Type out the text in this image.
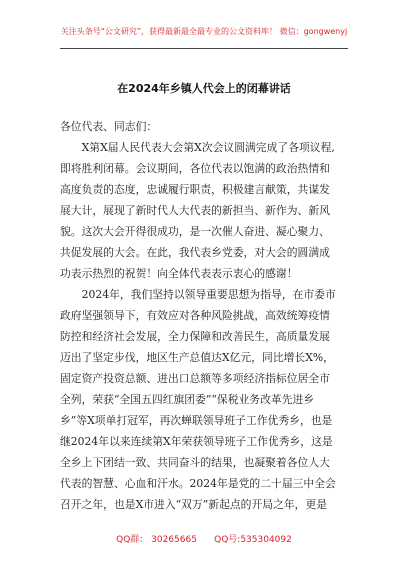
关注头条号“公文研究”，获得最新最全最专业的公文资料库！ 微信：gongwenyj
在2024年乡镇人代会上的闭幕讲话
各位代表、同志们：
　　X第X届人民代表大会第X次会议圆满完成了各项议程,
即将胜利闭幕。会议期间，各位代表以饱满的政治热情和
高度负责的态度，忠诚履行职责，积极建言献策，共谋发
展大计，展现了新时代人大代表的新担当、新作为、新风
貌。这次大会开得很成功，是一次催人奋进、凝心聚力、
共促发展的大会。在此，我代表乡党委，对大会的圆满成
功表示热烈的祝贺！向全体代表表示衷心的感谢！
　　2024年，我们坚持以领导重要思想为指导，在市委市
政府坚强领导下，有效应对各种风险挑战，高效统筹疫情
防控和经济社会发展，全力保障和改善民生，高质量发展
迈出了坚定步伐，地区生产总值达X亿元，同比增长X%，
固定资产投资总额、进出口总额等多项经济指标位居全市
全列，荣获“全国五四红旗团委”“保税业务改革先进乡
乡”等X项单打冠军，再次蝉联领导班子工作优秀乡，也是
继2024年以来连续第X年荣获领导班子工作优秀乡，这是
全乡上下团结一致、共同奋斗的结果，也凝聚着各位人大
代表的智慧、心血和汗水。2024年是党的二十届三中全会
召开之年，也是X市进入“双万”新起点的开局之年，更是
QQ群： 30265665      QQ号:535304092
